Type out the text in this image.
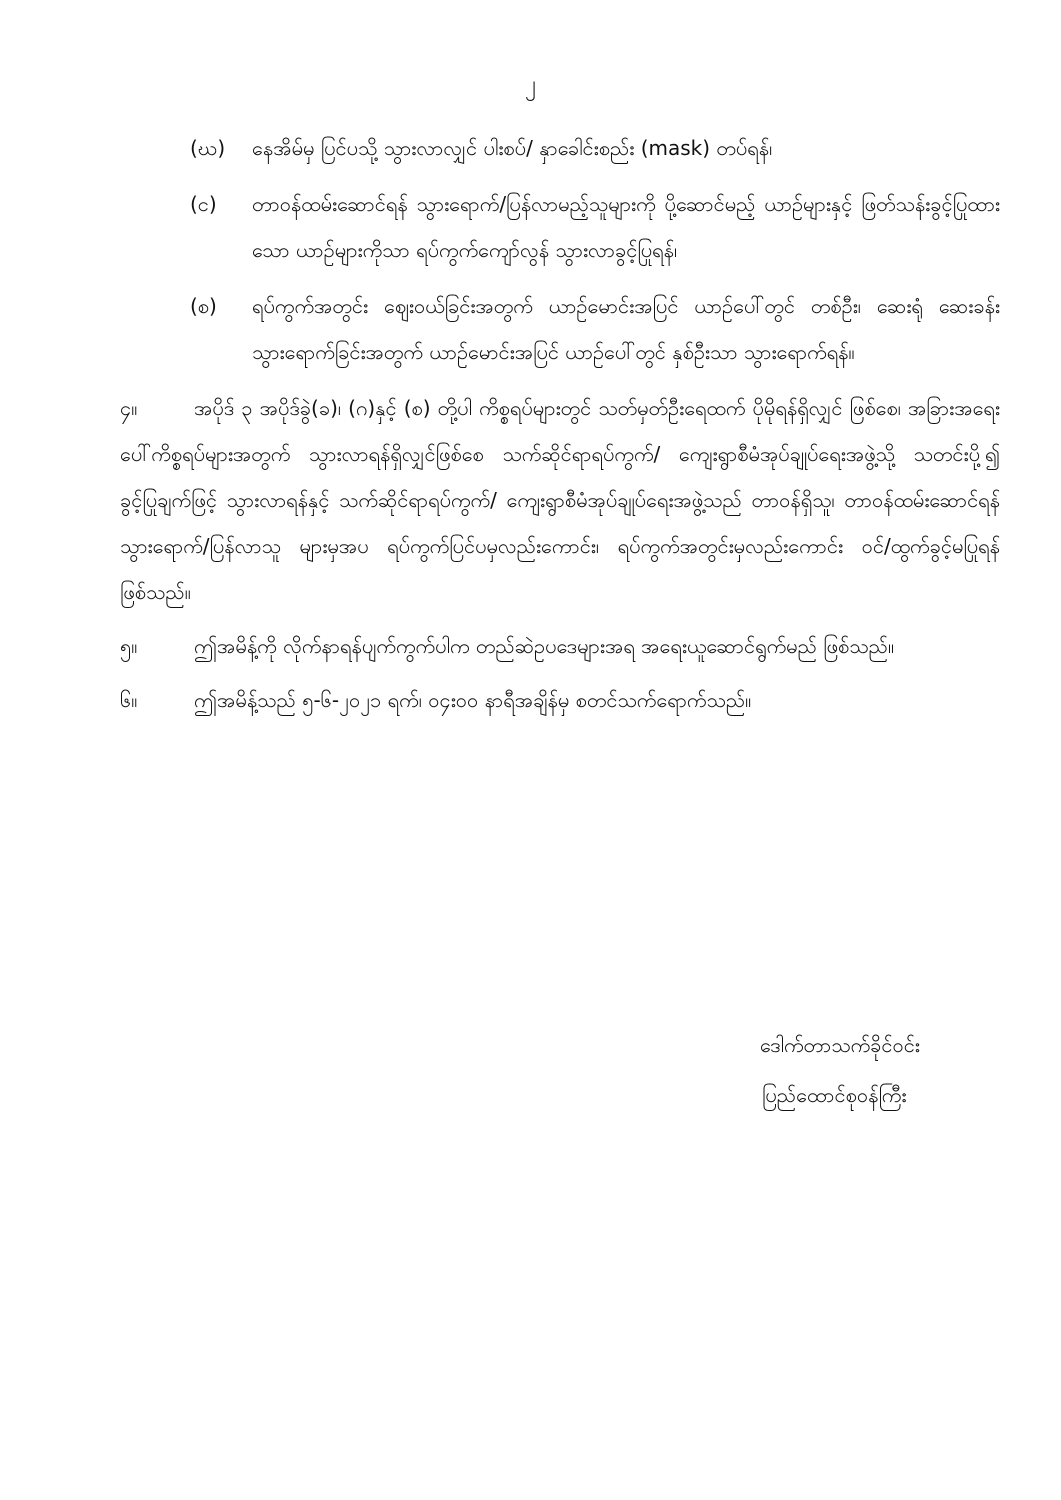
၂
(ဃ)	နေအိမ်မှ ပြင်ပသို့ သွားလာလျှင် ပါးစပ်/ နှာခေါင်းစည်း (mask) တပ်ရန်၊
(င)	တာဝန်ထမ်းဆောင်ရန် သွားရောက်/ပြန်လာမည့်သူများကို ပို့ဆောင်မည့် ယာဉ်များနှင့် ဖြတ်သန်းခွင့်ပြုထားသော ယာဉ်များကိုသာ ရပ်ကွက်ကျော်လွန် သွားလာခွင့်ပြုရန်၊
(စ)	ရပ်ကွက်အတွင်း ဈေးဝယ်ခြင်းအတွက် ယာဉ်မောင်းအပြင် ယာဉ်ပေါ်တွင် တစ်ဦး၊ ဆေးရုံ ဆေးခန်းသွားရောက်ခြင်းအတွက် ယာဉ်မောင်းအပြင် ယာဉ်ပေါ်တွင် နှစ်ဦးသာ သွားရောက်ရန်။

၄။	အပိုဒ် ၃ အပိုဒ်ခွဲ(ခ)၊ (ဂ)နှင့် (စ) တို့ပါ ကိစ္စရပ်များတွင် သတ်မှတ်ဦးရေထက် ပိုမိုရန်ရှိလျှင် ဖြစ်စေ၊ အခြားအရေးပေါ်ကိစ္စရပ်များအတွက် သွားလာရန်ရှိလျှင်ဖြစ်စေ သက်ဆိုင်ရာရပ်ကွက်/ ကျေးရွာစီမံအုပ်ချုပ်ရေးအဖွဲ့သို့ သတင်းပို့၍ ခွင့်ပြုချက်ဖြင့် သွားလာရန်နှင့် သက်ဆိုင်ရာရပ်ကွက်/ ကျေးရွာစီမံအုပ်ချုပ်ရေးအဖွဲ့သည် တာဝန်ရှိသူ၊ တာဝန်ထမ်းဆောင်ရန် သွားရောက်/ပြန်လာသူ များမှအပ ရပ်ကွက်ပြင်ပမှလည်းကောင်း၊ ရပ်ကွက်အတွင်းမှလည်းကောင်း ဝင်/ထွက်ခွင့်မပြုရန် ဖြစ်သည်။

၅။	ဤအမိန့်ကို လိုက်နာရန်ပျက်ကွက်ပါက တည်ဆဲဥပဒေများအရ အရေးယူဆောင်ရွက်မည် ဖြစ်သည်။

၆။	ဤအမိန့်သည် ၅-၆-၂၀၂၁ ရက်၊ ၀၄း၀၀ နာရီအချိန်မှ စတင်သက်ရောက်သည်။

ဒေါက်တာသက်ခိုင်ဝင်း
ပြည်ထောင်စုဝန်ကြီး
